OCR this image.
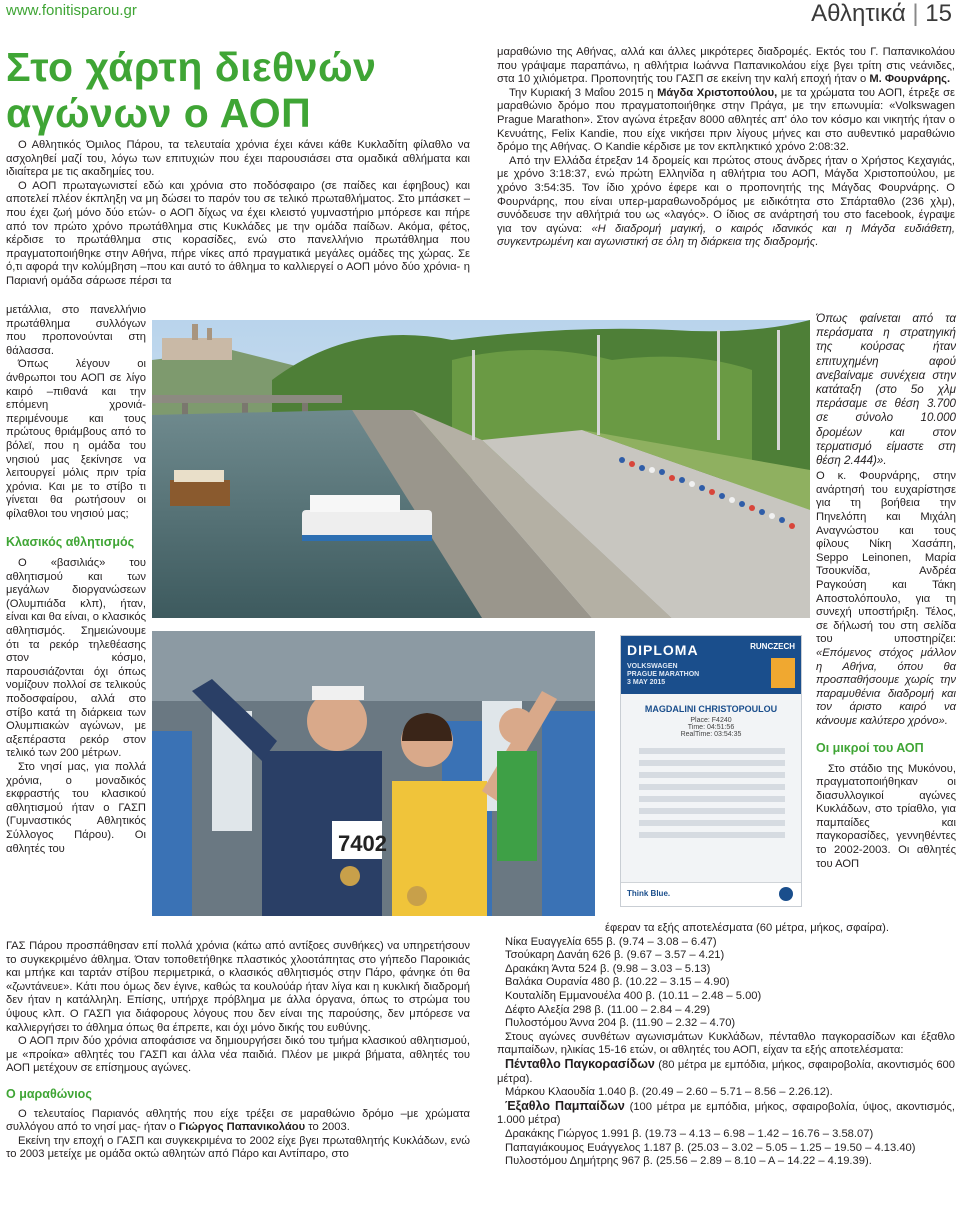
www.fonitisparou.gr	Αθλητικά | 15
Στο χάρτη διεθνών
αγώνων ο ΑΟΠ

Ο Αθλητικός Όμιλος Πάρου, τα τελευταία χρόνια έχει κάνει κάθε Κυκλαδίτη φίλαθλο να ασχοληθεί μαζί του, λόγω των επιτυχιών που έχει παρουσιάσει στα ομαδικά αθλήματα και ιδιαίτερα με τις ακαδημίες του.

Ο ΑΟΠ πρωταγωνιστεί εδώ και χρόνια στο ποδόσφαιρο (σε παίδες και έφηβους) και αποτελεί πλέον έκπληξη να μη δώσει το παρόν του σε τελικό πρωταθλήματος. Στο μπάσκετ –που έχει ζωή μόνο δύο ετών- ο ΑΟΠ δίχως να έχει κλειστό γυμναστήριο μπόρεσε και πήρε από τον πρώτο χρόνο πρωτάθλημα στις Κυκλάδες με την ομάδα παίδων. Ακόμα, φέτος, κέρδισε το πρωτάθλημα στις κορασίδες, ενώ στο πανελλήνιο πρωτάθλημα που πραγματοποιήθηκε στην Αθήνα, πήρε νίκες από πραγματικά μεγάλες ομάδες της χώρας. Σε ό,τι αφορά την κολύμβηση –που και αυτό το άθλημα το καλλιεργεί ο ΑΟΠ μόνο δύο χρόνια- η Παριανή ομάδα σάρωσε πέρσι τα

μετάλλια, στο πανελλήνιο πρωτάθλημα συλλόγων που προπονούνται στη θάλασσα.

Όπως λέγουν οι άνθρωποι του ΑΟΠ σε λίγο καιρό –πιθανά και την επόμενη χρονιά- περιμένουμε και τους πρώτους θριάμβους από το βόλεϊ, που η ομάδα του νησιού μας ξεκίνησε να λειτουργεί μόλις πριν τρία χρόνια. Και με το στίβο τι γίνεται θα ρωτήσουν οι φίλαθλοι του νησιού μας;

Κλασικός αθλητισμός

Ο «βασιλιάς» του αθλητισμού και των μεγάλων διοργανώσεων (Ολυμπιάδα κλπ), ήταν, είναι και θα είναι, ο κλασικός αθλητισμός. Σημειώνουμε ότι τα ρεκόρ τηλεθέασης στον κόσμο, παρουσιάζονται όχι όπως νομίζουν πολλοί σε τελικούς ποδοσφαίρου, αλλά στο στίβο κατά τη διάρκεια των Ολυμπιακών αγώνων, με αξεπέραστα ρεκόρ στον τελικό των 200 μέτρων.

Στο νησί μας, για πολλά χρόνια, ο μοναδικός εκφραστής του κλασικού αθλητισμού ήταν ο ΓΑΣΠ (Γυμναστικός Αθλητικός Σύλλογος Πάρου). Οι αθλητές του

ΓΑΣ Πάρου προσπάθησαν επί πολλά χρόνια (κάτω από αντίξοες συνθήκες) να υπηρετήσουν το συγκεκριμένο άθλημα. Όταν τοποθετήθηκε πλαστικός χλοοτάπητας στο γήπεδο Παροικιάς και μπήκε και ταρτάν στίβου περιμετρικά, ο κλασικός αθλητισμός στην Πάρο, φάνηκε ότι θα «ζωντάνευε». Κάτι που όμως δεν έγινε, καθώς τα κουλούάρ ήταν λίγα και η κυκλική διαδρομή δεν ήταν η κατάλληλη. Επίσης, υπήρχε πρόβλημα με άλλα όργανα, όπως το στρώμα του ύψους κλπ. Ο ΓΑΣΠ για διάφορους λόγους που δεν είναι της παρούσης, δεν μπόρεσε να καλλιεργήσει το άθλημα όπως θα έπρεπε, και όχι μόνο δικής του ευθύνης.

Ο ΑΟΠ πριν δύο χρόνια αποφάσισε να δημιουργήσει δικό του τμήμα κλασικού αθλητισμού, με «προίκα» αθλητές του ΓΑΣΠ και άλλα νέα παιδιά. Πλέον με μικρά βήματα, αθλητές του ΑΟΠ μετέχουν σε επίσημους αγώνες.

Ο μαραθώνιος

Ο τελευταίος Παριανός αθλητής που είχε τρέξει σε μαραθώνιο δρόμο –με χρώματα συλλόγου από το νησί μας- ήταν ο Γιώργος Παπανικολάου το 2003.

Εκείνη την εποχή ο ΓΑΣΠ και συγκεκριμένα το 2002 είχε βγει πρωταθλητής Κυκλάδων, ενώ το 2003 μετείχε με ομάδα οκτώ αθλητών από Πάρο και Αντίπαρο, στο

μαραθώνιο της Αθήνας, αλλά και άλλες μικρότερες διαδρομές. Εκτός του Γ. Παπανικολάου που γράψαμε παραπάνω, η αθλήτρια Ιωάννα Παπανικολάου είχε βγει τρίτη στις νεάνιδες, στα 10 χιλιόμετρα. Προπονητής του ΓΑΣΠ σε εκείνη την καλή εποχή ήταν ο Μ. Φουρνάρης.

Την Κυριακή 3 Μαΐου 2015 η Μάγδα Χριστοπούλου, με τα χρώματα του ΑΟΠ, έτρεξε σε μαραθώνιο δρόμο που πραγματοποιήθηκε στην Πράγα, με την επωνυμία: «Volkswagen Prague Marathon». Στον αγώνα έτρεξαν 8000 αθλητές απ' όλο τον κόσμο και νικητής ήταν ο Κενυάτης, Felix Kandie, που είχε νικήσει πριν λίγους μήνες και στο αυθεντικό μαραθώνιο δρόμο της Αθήνας. Ο Kandie κέρδισε με τον εκπληκτικό χρόνο 2:08:32.

Από την Ελλάδα έτρεξαν 14 δρομείς και πρώτος στους άνδρες ήταν ο Χρήστος Κεχαγιάς, με χρόνο 3:18:37, ενώ πρώτη Ελληνίδα η αθλήτρια του ΑΟΠ, Μάγδα Χριστοπούλου, με χρόνο 3:54:35. Τον ίδιο χρόνο έφερε και ο προπονητής της Μάγδας Φουρνάρης. Ο Φουρνάρης, που είναι υπερ-μαραθωνοδρόμος με ειδικότητα στο Σπάρταθλο (236 χλμ), συνόδευσε την αθλήτριά του ως «λαγός». Ο ίδιος σε ανάρτησή του στο facebook, έγραψε για τον αγώνα: «Η διαδρομή μαγική, ο καιρός ιδανικός και η Μάγδα ευδιάθετη, συγκεντρωμένη και αγωνιστική σε όλη τη διάρκεια της διαδρομής.

Όπως φαίνεται από τα περάσματα η στρατηγική της κούρσας ήταν επιτυχημένη αφού ανεβαίναμε συνέχεια στην κατάταξη (στο 5ο χλμ περάσαμε σε θέση 3.700 σε σύνολο 10.000 δρομέων και στον τερματισμό είμαστε στη θέση 2.444)».
Ο κ. Φουρνάρης, στην ανάρτησή του ευχαρίστησε για τη βοήθεια την Πηνελόπη και Μιχάλη Αναγνώστου και τους φίλους Νίκη Χασάπη, Seppo Leinonen, Μαρία Τσουκνίδα, Ανδρέα Ραγκούση και Τάκη Αποστολόπουλο, για τη συνεχή υποστήριξη. Τέλος, σε δήλωσή του στη σελίδα του υποστηρίζει: «Επόμενος στόχος μάλλον η Αθήνα, όπου θα προσπαθήσουμε χωρίς την παραμυθένια διαδρομή και τον άριστο καιρό να κάνουμε καλύτερο χρόνο».
Οι μικροί του ΑΟΠ

Στο στάδιο της Μυκόνου, πραγματοποιήθηκαν οι διασυλλογικοί αγώνες Κυκλάδων, στο τρίαθλο, για παμπαίδες και παγκορασίδες, γεννηθέντες το 2002-2003. Οι αθλητές του ΑΟΠ

έφεραν τα εξής αποτελέσματα (60 μέτρα, μήκος, σφαίρα).
Νίκα Ευαγγελία 655 β. (9.74 – 3.08 – 6.47)
Τσούκαρη Δανάη 626 β. (9.67 – 3.57 – 4.21)
Δρακάκη Άντα 524 β. (9.98 – 3.03 – 5.13)
Βαλάκα Ουρανία 480 β. (10.22 – 3.15 – 4.90)
Κουταλίδη Εμμανουέλα 400 β. (10.11 – 2.48 – 5.00)
Δέφτο Αλεξία 298 β. (11.00 – 2.84 – 4.29)
Πυλοστόμου Άννα 204 β. (11.90 – 2.32 – 4.70)
Στους αγώνες συνθέτων αγωνισμάτων Κυκλάδων, πένταθλο παγκορασίδων και έξαθλο παμπαίδων, ηλικίας 15-16 ετών, οι αθλητές του ΑΟΠ, είχαν τα εξής αποτελέσματα:
Πένταθλο Παγκορασίδων (80 μέτρα με εμπόδια, μήκος, σφαιροβολία, ακοντισμός 600 μέτρα).
Μάρκου Κλαουδία 1.040 β. (20.49 – 2.60 – 5.71 – 8.56 – 2.26.12).
Έξαθλο Παμπαίδων (100 μέτρα με εμπόδια, μήκος, σφαιροβολία, ύψος, ακοντισμός, 1.000 μέτρα)
Δρακάκης Γιώργος 1.991 β. (19.73 – 4.13 – 6.98 – 1.42 – 16.76 – 3.58.07)
Παπαγιάκουμος Ευάγγελος 1.187 β. (25.03 – 3.02 – 5.05 – 1.25 – 19.50 – 4.13.40)
Πυλοστόμου Δημήτρης 967 β. (25.56 – 2.89 – 8.10 – Α – 14.22 – 4.19.39).
7402
DIPLOMA	RUNCZECH
VOLKSWAGEN
PRAGUE MARATHON
3 MAY 2015
MAGDALINI CHRISTOPOULOU
Place: F4240
Time: 04:51:56
RealTime: 03:54:35
Think Blue.
